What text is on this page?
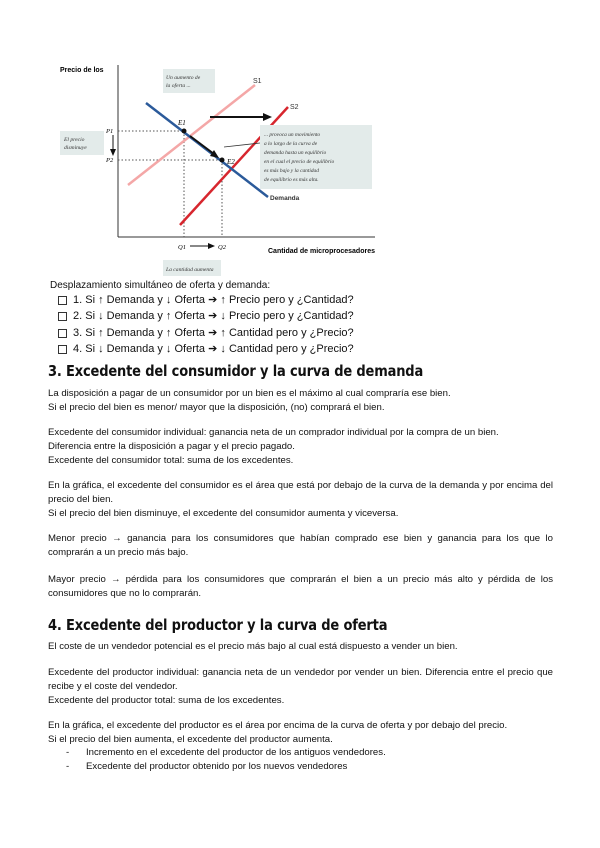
Precio de los
Cantidad de microprocesadores
S1
S2
Demanda
E1
E2
P1
P2
Q1	Q2
Un aumento de la oferta ...
El precio disminuye
... provoca un movimiento a lo largo de la curva de demanda hasta un equilibrio en el cual el precio de equilibrio es más bajo y la cantidad de equilibrio es más alta.
La cantidad aumenta
Desplazamiento simultáneo de oferta y demanda:
1. Si ↑ Demanda y ↓ Oferta ➔ ↑ Precio pero y ¿Cantidad?
2. Si ↓ Demanda y ↑ Oferta ➔ ↓ Precio pero y ¿Cantidad?
3. Si ↑ Demanda y ↑ Oferta ➔ ↑ Cantidad pero y ¿Precio?
4. Si ↓ Demanda y ↓ Oferta ➔ ↓ Cantidad pero y ¿Precio?
3. Excedente del consumidor y la curva de demanda

La disposición a pagar de un consumidor por un bien es el máximo al cual compraría ese bien.

Si el precio del bien es menor/ mayor que la disposición, (no) comprará el bien.

Excedente del consumidor individual: ganancia neta de un comprador individual por la compra de un bien.

Diferencia entre la disposición a pagar y el precio pagado.

Excedente del consumidor total: suma de los excedentes.

En la gráfica, el excedente del consumidor es el área que está por debajo de la curva de la demanda y por encima del precio del bien.

Si el precio del bien disminuye, el excedente del consumidor aumenta y viceversa.

Menor precio → ganancia para los consumidores que habían comprado ese bien y ganancia para los que lo comprarán a un precio más bajo.

Mayor precio → pérdida para los consumidores que comprarán el bien a un precio más alto y pérdida de los consumidores que no lo comprarán.

4. Excedente del productor y la curva de oferta

El coste de un vendedor potencial es el precio más bajo al cual está dispuesto a vender un bien.

Excedente del productor individual: ganancia neta de un vendedor por vender un bien. Diferencia entre el precio que recibe y el coste del vendedor.

Excedente del productor total: suma de los excedentes.

En la gráfica, el excedente del productor es el área por encima de la curva de oferta y por debajo del precio.

Si el precio del bien aumenta, el excedente del productor aumenta.

- Incremento en el excedente del productor de los antiguos vendedores.
- Excedente del productor obtenido por los nuevos vendedores
